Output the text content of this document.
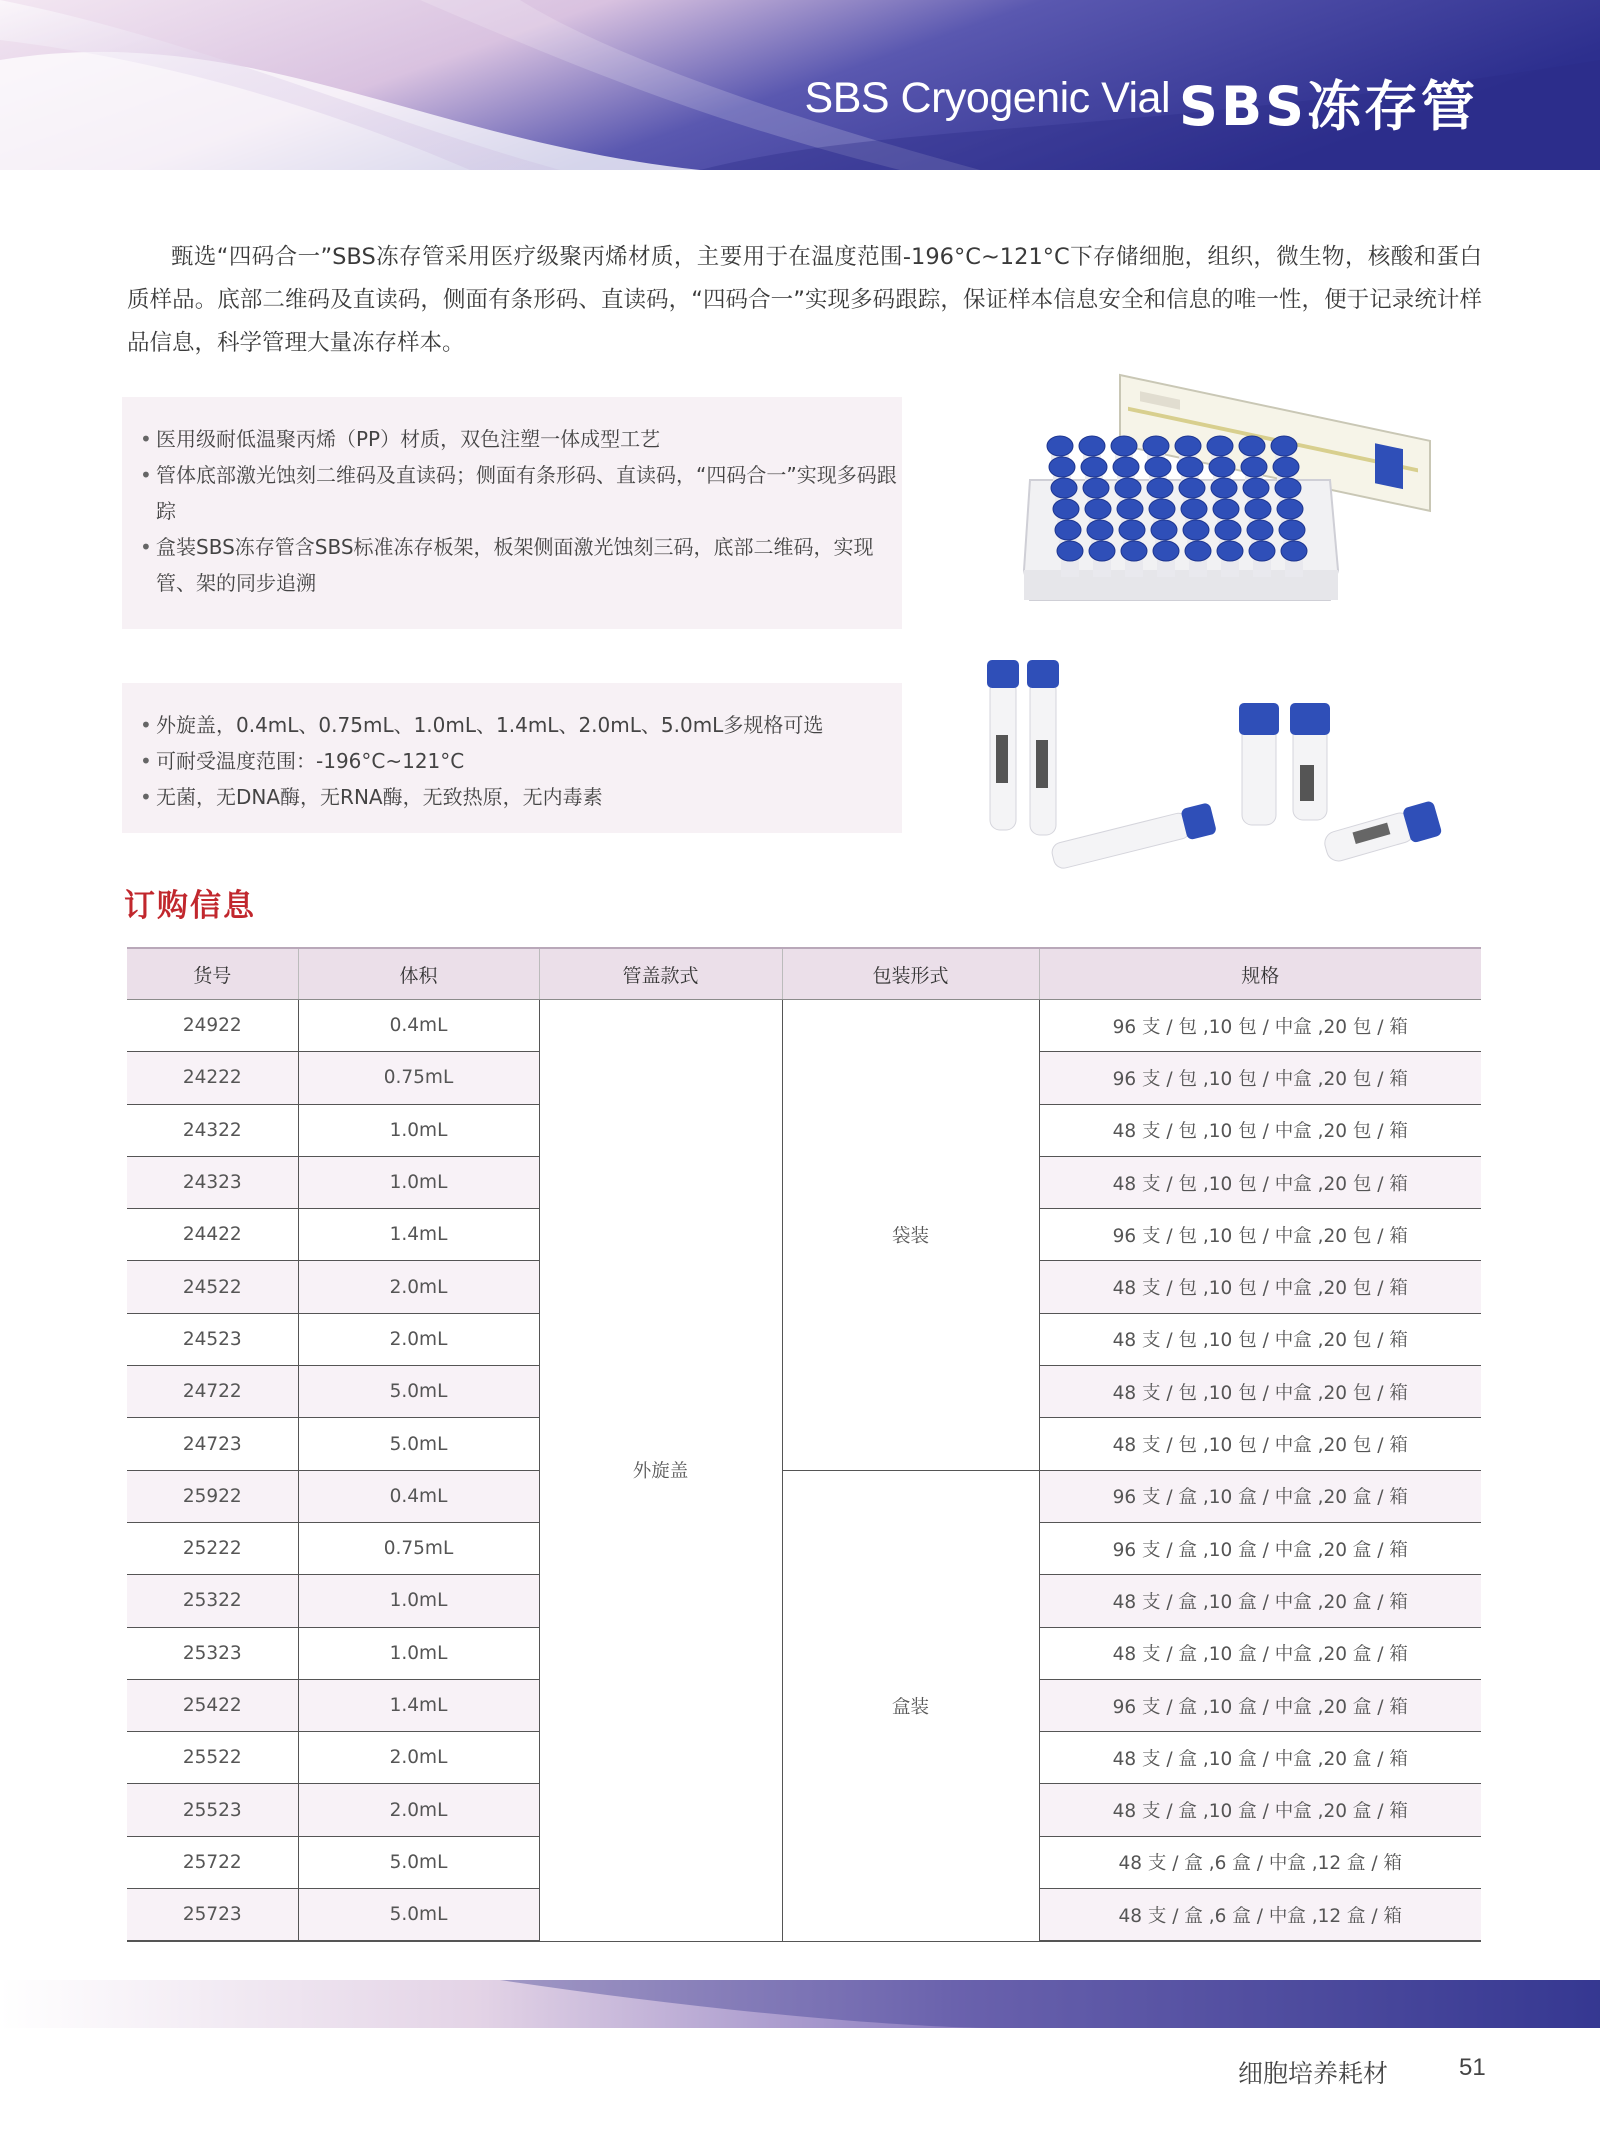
SBS Cryogenic Vial SBS冻存管

甄选“四码合一”SBS冻存管采用医疗级聚丙烯材质，主要用于在温度范围-196°C~121°C下存储细胞，组织，微生物，核酸和蛋白质样品。底部二维码及直读码，侧面有条形码、直读码，“四码合一”实现多码跟踪，保证样本信息安全和信息的唯一性，便于记录统计样品信息，科学管理大量冻存样本。

• 医用级耐低温聚丙烯（PP）材质，双色注塑一体成型工艺
• 管体底部激光蚀刻二维码及直读码；侧面有条形码、直读码，“四码合一”实现多码跟踪
• 盒装SBS冻存管含SBS标准冻存板架，板架侧面激光蚀刻三码，底部二维码，实现管、架的同步追溯
• 外旋盖，0.4mL、0.75mL、1.0mL、1.4mL、2.0mL、5.0mL多规格可选
• 可耐受温度范围：-196°C~121°C
• 无菌，无DNA酶，无RNA酶，无致热原，无内毒素
订购信息
货号	体积	管盖款式	包装形式	规格
24922	0.4mL	外旋盖	袋装	96 支 / 包 ,10 包 / 中盒 ,20 包 / 箱
24222	0.75mL			96 支 / 包 ,10 包 / 中盒 ,20 包 / 箱
24322	1.0mL			48 支 / 包 ,10 包 / 中盒 ,20 包 / 箱
24323	1.0mL			48 支 / 包 ,10 包 / 中盒 ,20 包 / 箱
24422	1.4mL			96 支 / 包 ,10 包 / 中盒 ,20 包 / 箱
24522	2.0mL			48 支 / 包 ,10 包 / 中盒 ,20 包 / 箱
24523	2.0mL			48 支 / 包 ,10 包 / 中盒 ,20 包 / 箱
24722	5.0mL			48 支 / 包 ,10 包 / 中盒 ,20 包 / 箱
24723	5.0mL			48 支 / 包 ,10 包 / 中盒 ,20 包 / 箱
25922	0.4mL		盒装	96 支 / 盒 ,10 盒 / 中盒 ,20 盒 / 箱
25222	0.75mL			96 支 / 盒 ,10 盒 / 中盒 ,20 盒 / 箱
25322	1.0mL			48 支 / 盒 ,10 盒 / 中盒 ,20 盒 / 箱
25323	1.0mL			48 支 / 盒 ,10 盒 / 中盒 ,20 盒 / 箱
25422	1.4mL			96 支 / 盒 ,10 盒 / 中盒 ,20 盒 / 箱
25522	2.0mL			48 支 / 盒 ,10 盒 / 中盒 ,20 盒 / 箱
25523	2.0mL			48 支 / 盒 ,10 盒 / 中盒 ,20 盒 / 箱
25722	5.0mL			48 支 / 盒 ,6 盒 / 中盒 ,12 盒 / 箱
25723	5.0mL			48 支 / 盒 ,6 盒 / 中盒 ,12 盒 / 箱
细胞培养耗材	51
